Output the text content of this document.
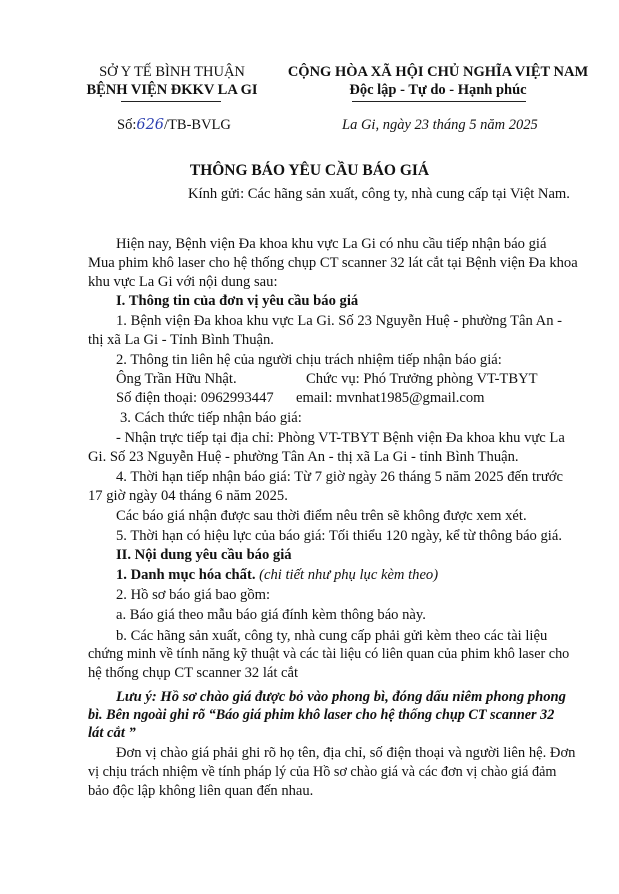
SỞ Y TẾ BÌNH THUẬN
BỆNH VIỆN ĐKKV LA GI
Số:626/TB-BVLG
CỘNG HÒA XÃ HỘI CHỦ NGHĨA VIỆT NAM
Độc lập - Tự do - Hạnh phúc
La Gi, ngày 23 tháng 5 năm 2025
THÔNG BÁO YÊU CẦU BÁO GIÁ
Kính gửi: Các hãng sản xuất, công ty, nhà cung cấp tại Việt Nam.
Hiện nay, Bệnh viện Đa khoa khu vực La Gi có nhu cầu tiếp nhận báo giá
Mua phim khô laser cho hệ thống chụp CT scanner 32 lát cắt tại Bệnh viện Đa khoa
khu vực La Gi với nội dung sau:
I. Thông tin của đơn vị yêu cầu báo giá
1. Bệnh viện Đa khoa khu vực La Gi. Số 23 Nguyễn Huệ - phường Tân An -
thị xã La Gi - Tỉnh Bình Thuận.
2. Thông tin liên hệ của người chịu trách nhiệm tiếp nhận báo giá:
Ông Trần Hữu Nhật.	Chức vụ: Phó Trưởng phòng VT-TBYT
Số điện thoại: 0962993447 email: mvnhat1985@gmail.com
3. Cách thức tiếp nhận báo giá:
- Nhận trực tiếp tại địa chỉ: Phòng VT-TBYT Bệnh viện Đa khoa khu vực La
Gi. Số 23 Nguyễn Huệ - phường Tân An - thị xã La Gi - tỉnh Bình Thuận.
4. Thời hạn tiếp nhận báo giá: Từ 7 giờ ngày 26 tháng 5 năm 2025 đến trước
17 giờ ngày 04 tháng 6 năm 2025.
Các báo giá nhận được sau thời điểm nêu trên sẽ không được xem xét.
5. Thời hạn có hiệu lực của báo giá: Tối thiểu 120 ngày, kể từ thông báo giá.
II. Nội dung yêu cầu báo giá
1. Danh mục hóa chất. (chi tiết như phụ lục kèm theo)
2. Hồ sơ báo giá bao gồm:
a. Báo giá theo mẫu báo giá đính kèm thông báo này.
b. Các hãng sản xuất, công ty, nhà cung cấp phải gửi kèm theo các tài liệu
chứng minh về tính năng kỹ thuật và các tài liệu có liên quan của phim khô laser cho
hệ thống chụp CT scanner 32 lát cắt
Lưu ý: Hồ sơ chào giá được bỏ vào phong bì, đóng dấu niêm phong phong
bì. Bên ngoài ghi rõ “Báo giá phim khô laser cho hệ thống chụp CT scanner 32
lát cắt ”
Đơn vị chào giá phải ghi rõ họ tên, địa chỉ, số điện thoại và người liên hệ. Đơn
vị chịu trách nhiệm về tính pháp lý của Hồ sơ chào giá và các đơn vị chào giá đảm
bảo độc lập không liên quan đến nhau.
